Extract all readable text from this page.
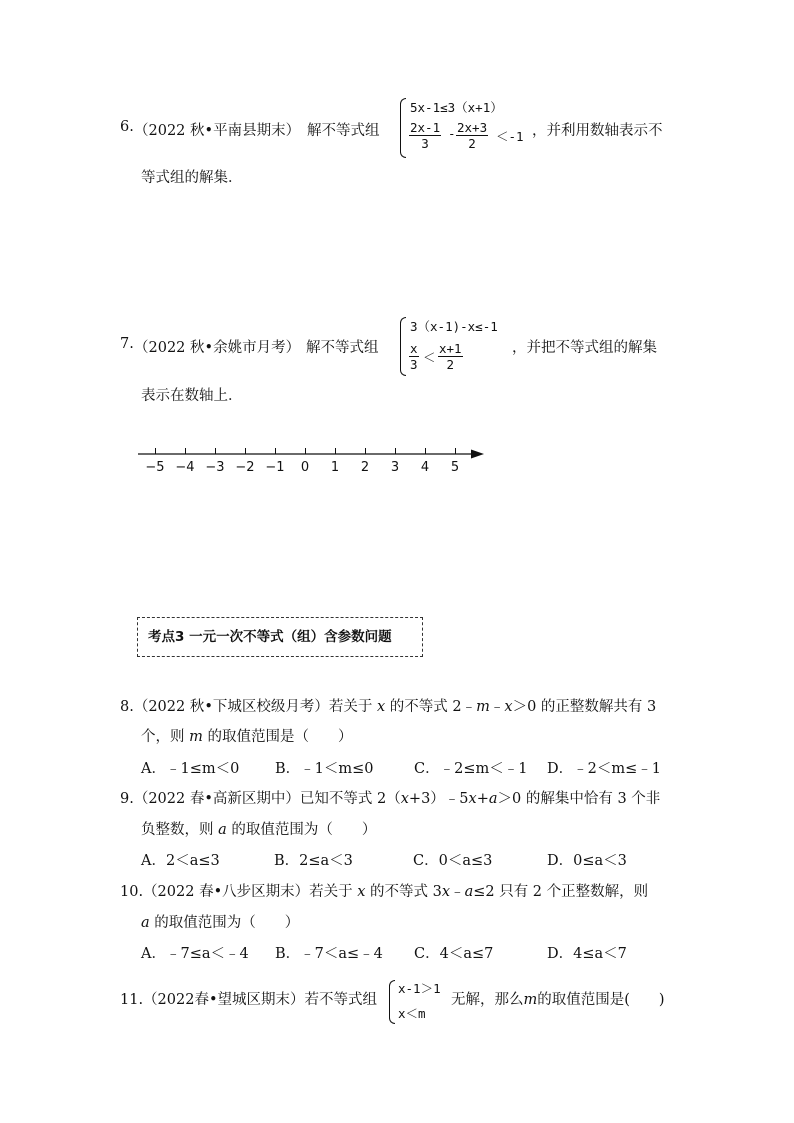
6. （2022 秋•平南县期末） 解不等式组
5x-1≤3（x+1）
$\frac{2x-1}{3} - \frac{2x+3}{2} <-1$ ，并利用数轴表示不
等式组的解集．
7. （2022 秋•余姚市月考） 解不等式组
3（x-1)-x≤-1
$\frac{x}{3} < \frac{x+1}{2}$	，并把不等式组的解集
表示在数轴上．
−5 −4 −3 −2 −1	0	1	2	3	4	5
考点3 一元一次不等式（组）含参数问题
8.（2022 秋•下城区校级月考）若关于 x 的不等式 2﹣m﹣x＞0 的正整数解共有 3
个，则 m 的取值范围是（　　）
A．﹣1≤m＜0 B．﹣1＜m≤0	C．﹣2≤m＜﹣1 D．﹣2＜m≤﹣1
9.（2022 春•高新区期中）已知不等式 2（x+3）﹣5x+a＞0 的解集中恰有 3 个非
负整数，则 a 的取值范围为（　　）
A．2＜a≤3	B．2≤a＜3	C．0＜a≤3	D．0≤a＜3
10.（2022 春•八步区期末）若关于 x 的不等式 3x﹣a≤2 只有 2 个正整数解，则
a 的取值范围为（　　）
A．﹣7≤a＜﹣4 B．﹣7＜a≤﹣4 C．4＜a≤7	D．4≤a＜7
11.（2022春•望城区期末）若不等式组
x-1＞1
x＜m
无解，那么m的取值范围是(　　)
